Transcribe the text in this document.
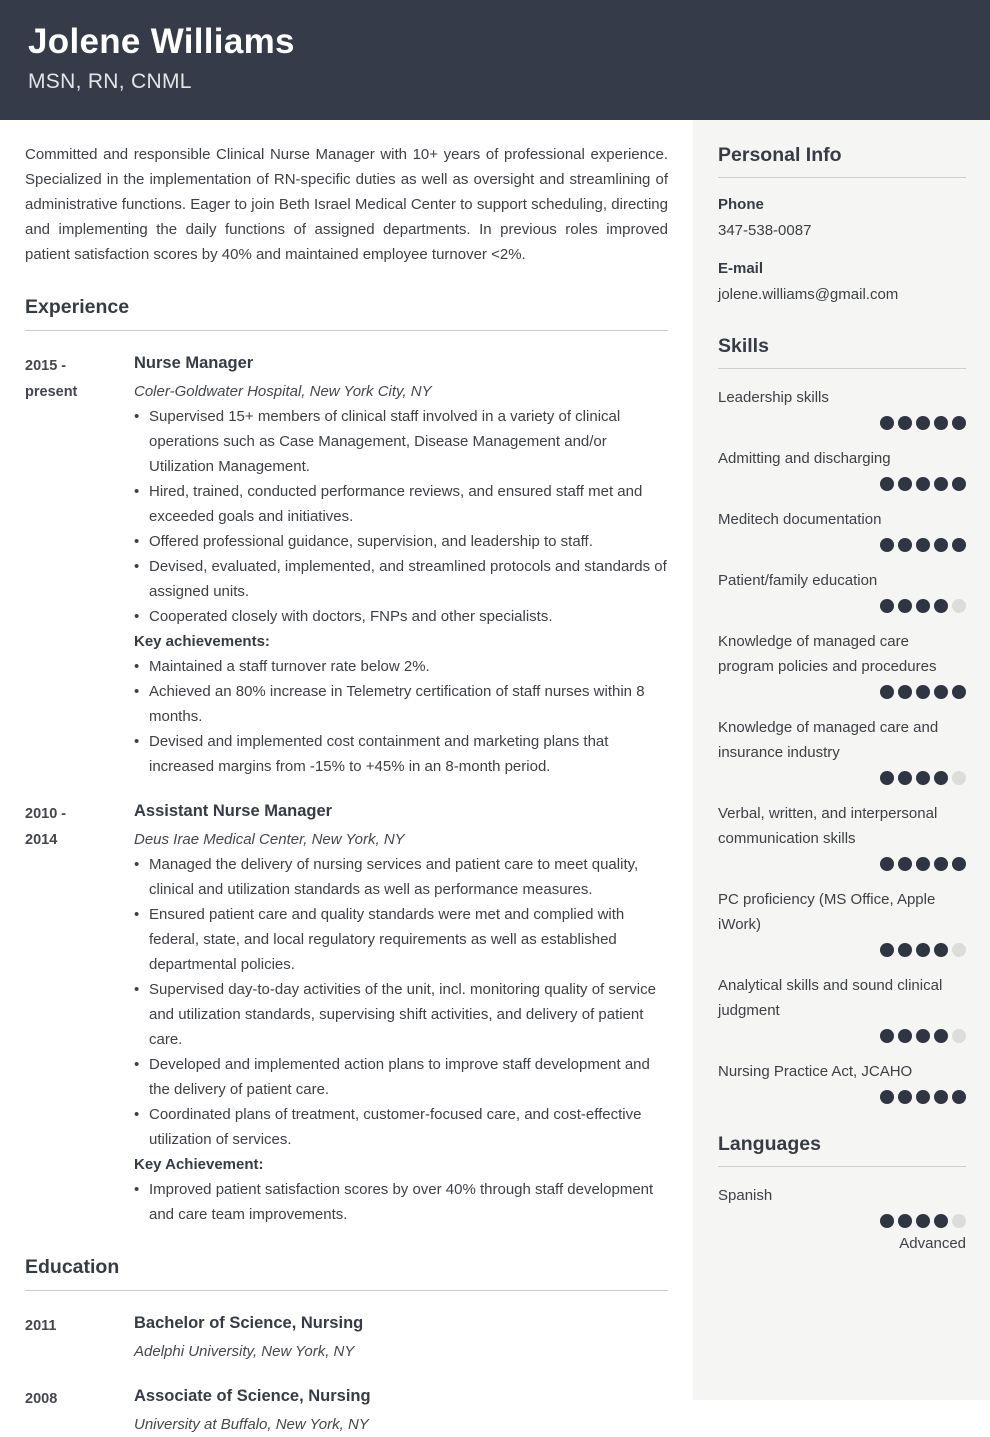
Jolene Williams
MSN, RN, CNML
Committed and responsible Clinical Nurse Manager with 10+ years of professional experience. Specialized in the implementation of RN-specific duties as well as oversight and streamlining of administrative functions. Eager to join Beth Israel Medical Center to support scheduling, directing and implementing the daily functions of assigned departments. In previous roles improved patient satisfaction scores by 40% and maintained employee turnover <2%.
Experience
2015 -
present
Nurse Manager
Coler-Goldwater Hospital, New York City, NY
• Supervised 15+ members of clinical staff involved in a variety of clinical operations such as Case Management, Disease Management and/or Utilization Management.
• Hired, trained, conducted performance reviews, and ensured staff met and exceeded goals and initiatives.
• Offered professional guidance, supervision, and leadership to staff.
• Devised, evaluated, implemented, and streamlined protocols and standards of assigned units.
• Cooperated closely with doctors, FNPs and other specialists.
Key achievements:
• Maintained a staff turnover rate below 2%.
• Achieved an 80% increase in Telemetry certification of staff nurses within 8 months.
• Devised and implemented cost containment and marketing plans that increased margins from -15% to +45% in an 8-month period.
2010 -
2014
Assistant Nurse Manager
Deus Irae Medical Center, New York, NY
• Managed the delivery of nursing services and patient care to meet quality, clinical and utilization standards as well as performance measures.
• Ensured patient care and quality standards were met and complied with federal, state, and local regulatory requirements as well as established departmental policies.
• Supervised day-to-day activities of the unit, incl. monitoring quality of service and utilization standards, supervising shift activities, and delivery of patient care.
• Developed and implemented action plans to improve staff development and the delivery of patient care.
• Coordinated plans of treatment, customer-focused care, and cost-effective utilization of services.
Key Achievement:
• Improved patient satisfaction scores by over 40% through staff development and care team improvements.
Education
2011	Bachelor of Science, Nursing
Adelphi University, New York, NY
2008	Associate of Science, Nursing
University at Buffalo, New York, NY
Personal Info
Phone
347-538-0087
E-mail
jolene.williams@gmail.com
Skills
Leadership skills
Admitting and discharging
Meditech documentation
Patient/family education
Knowledge of managed care program policies and procedures
Knowledge of managed care and insurance industry
Verbal, written, and interpersonal communication skills
PC proficiency (MS Office, Apple iWork)
Analytical skills and sound clinical judgment
Nursing Practice Act, JCAHO
Languages
Spanish
Advanced
